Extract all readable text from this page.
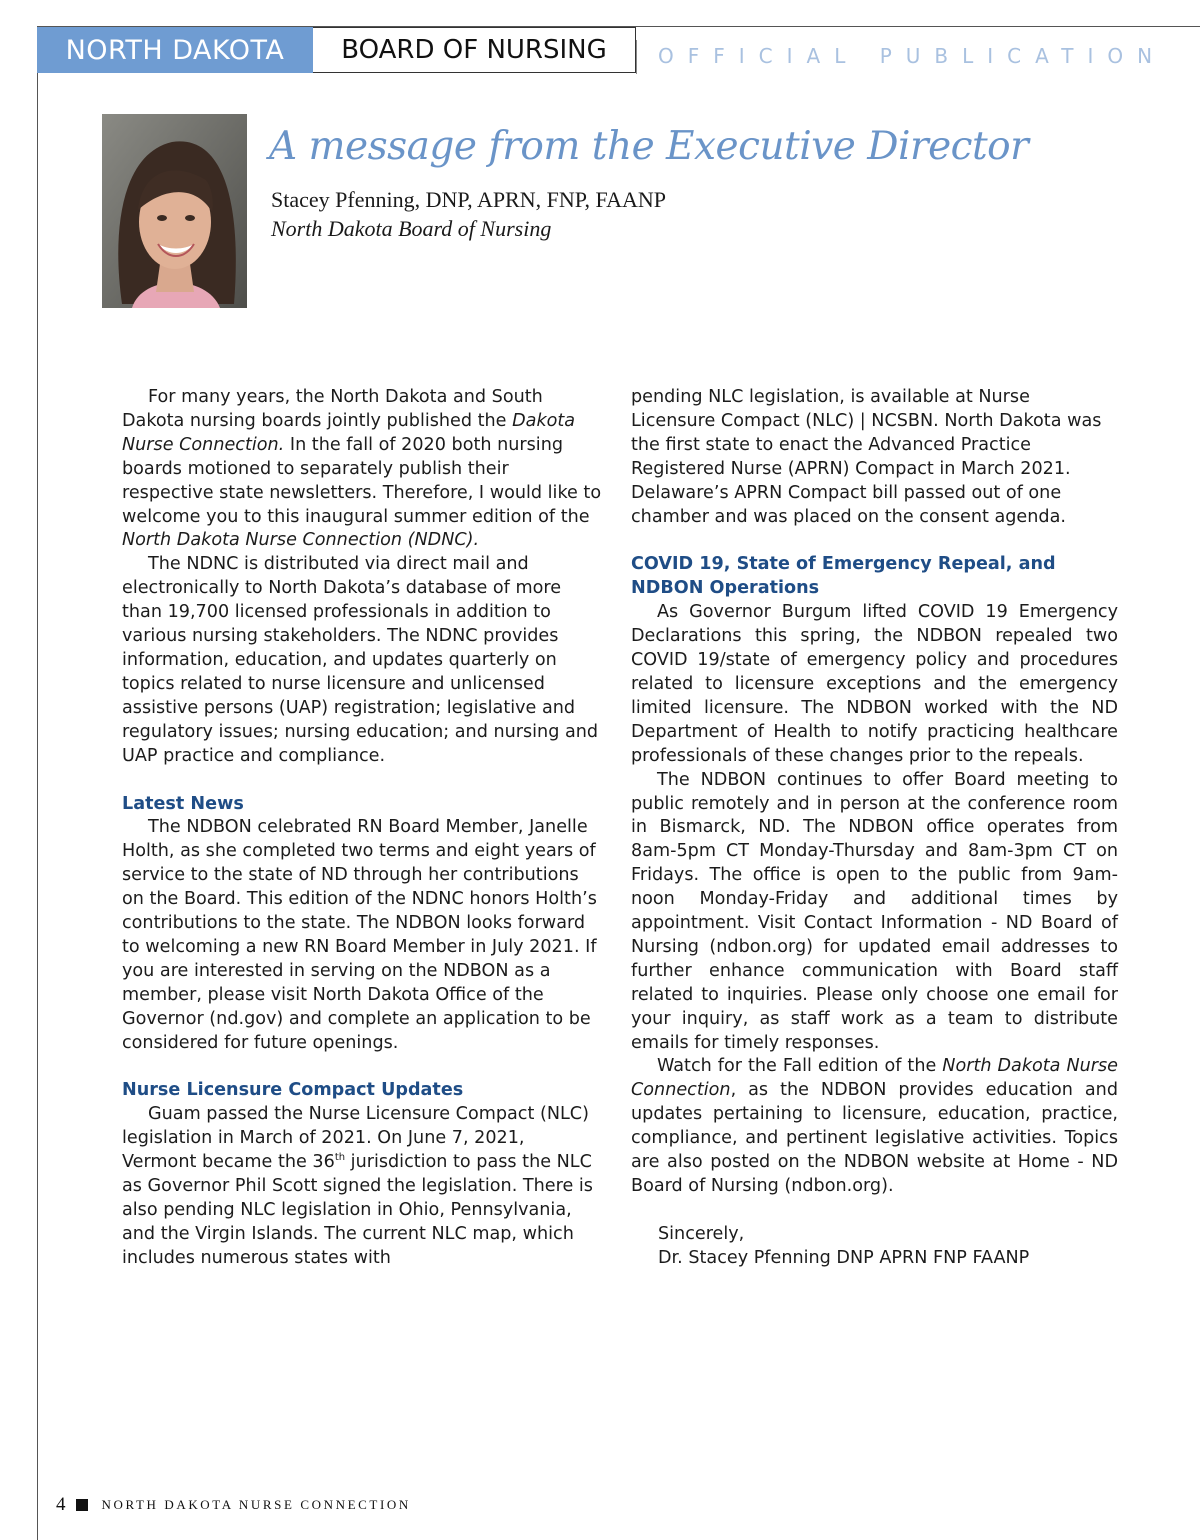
NORTH DAKOTA	BOARD OF NURSING	OFFICIAL PUBLICATION
A message from the Executive Director
Stacey Pfenning, DNP, APRN, FNP, FAANP
North Dakota Board of Nursing

For many years, the North Dakota and South Dakota nursing boards jointly published the Dakota Nurse Connection. In the fall of 2020 both nursing boards motioned to separately publish their respective state newsletters. Therefore, I would like to welcome you to this inaugural summer edition of the North Dakota Nurse Connection (NDNC).

The NDNC is distributed via direct mail and electronically to North Dakota’s database of more than 19,700 licensed professionals in addition to various nursing stakeholders. The NDNC provides information, education, and updates quarterly on topics related to nurse licensure and unlicensed assistive persons (UAP) registration; legislative and regulatory issues; nursing education; and nursing and UAP practice and compliance.

Latest News

The NDBON celebrated RN Board Member, Janelle Holth, as she completed two terms and eight years of service to the state of ND through her contributions on the Board. This edition of the NDNC honors Holth’s contributions to the state. The NDBON looks forward to welcoming a new RN Board Member in July 2021. If you are interested in serving on the NDBON as a member, please visit North Dakota Office of the Governor (nd.gov) and complete an application to be considered for future openings.

Nurse Licensure Compact Updates

Guam passed the Nurse Licensure Compact (NLC) legislation in March of 2021. On June 7, 2021, Vermont became the 36th jurisdiction to pass the NLC as Governor Phil Scott signed the legislation. There is also pending NLC legislation in Ohio, Pennsylvania, and the Virgin Islands. The current NLC map, which includes numerous states with

pending NLC legislation, is available at Nurse Licensure Compact (NLC) | NCSBN. North Dakota was the first state to enact the Advanced Practice Registered Nurse (APRN) Compact in March 2021. Delaware’s APRN Compact bill passed out of one chamber and was placed on the consent agenda.

COVID 19, State of Emergency Repeal, and NDBON Operations

As Governor Burgum lifted COVID 19 Emergency Declarations this spring, the NDBON repealed two COVID 19/state of emergency policy and procedures related to licensure exceptions and the emergency limited licensure. The NDBON worked with the ND Department of Health to notify practicing healthcare professionals of these changes prior to the repeals.

The NDBON continues to offer Board meeting to public remotely and in person at the conference room in Bismarck, ND. The NDBON office operates from 8am-5pm CT Monday-Thursday and 8am-3pm CT on Fridays. The office is open to the public from 9am-noon Monday-Friday and additional times by appointment. Visit Contact Information - ND Board of Nursing (ndbon.org) for updated email addresses to further enhance communication with Board staff related to inquiries. Please only choose one email for your inquiry, as staff work as a team to distribute emails for timely responses.

Watch for the Fall edition of the North Dakota Nurse Connection, as the NDBON provides education and updates pertaining to licensure, education, practice, compliance, and pertinent legislative activities. Topics are also posted on the NDBON website at Home - ND Board of Nursing (ndbon.org).

Sincerely,

Dr. Stacey Pfenning DNP APRN FNP FAANP

4	NORTH DAKOTA NURSE CONNECTION
